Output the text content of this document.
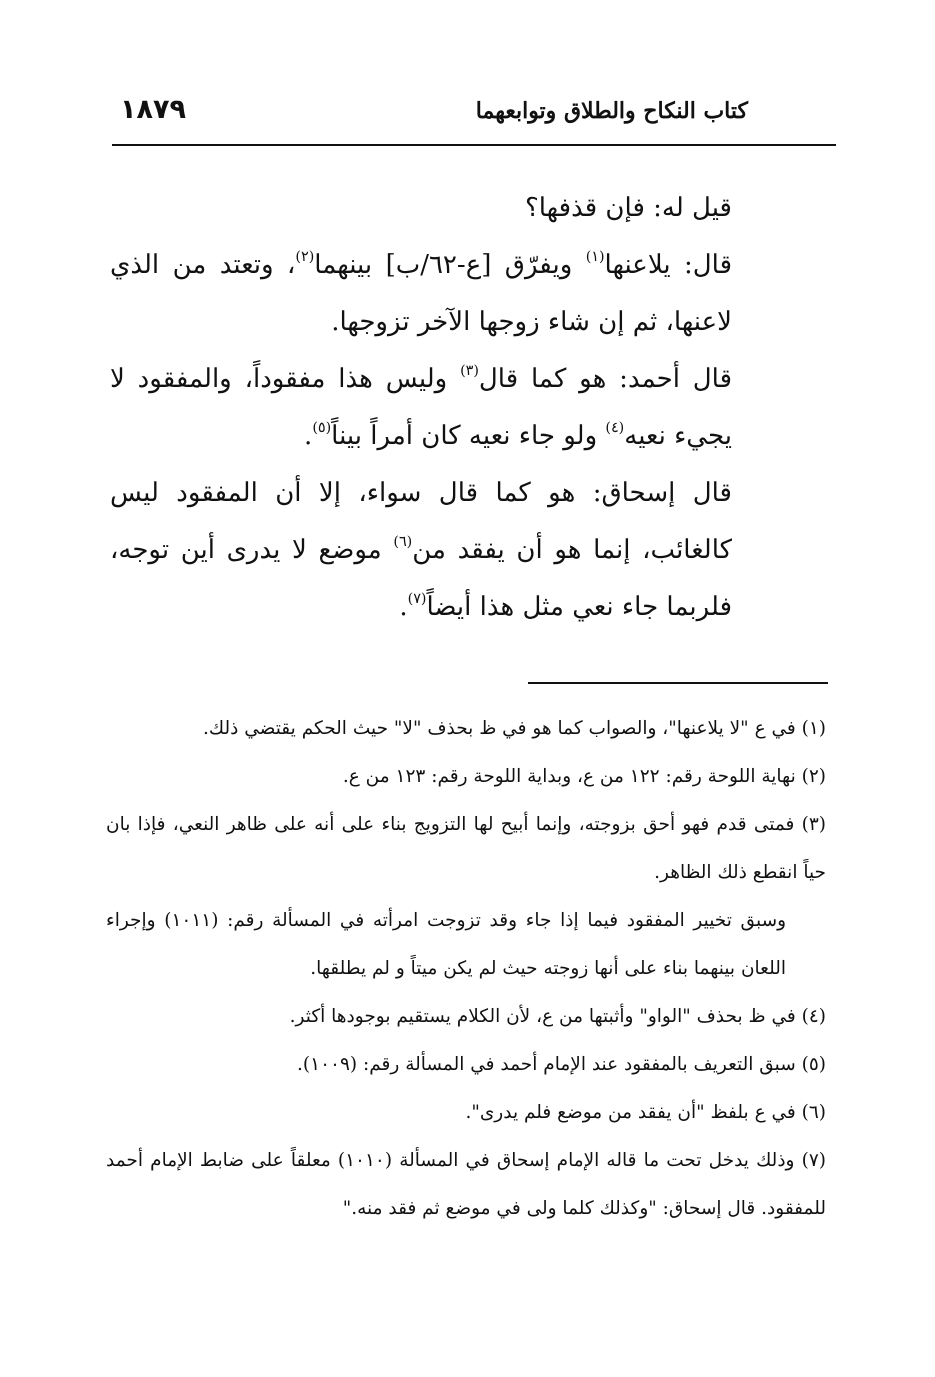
كتاب النكاح والطلاق وتوابعهما
١٨٧٩

قيل له: فإن قذفها؟

قال: يلاعنها$^{(١)}$ ويفرّق [ع-٦٢/ب] بينهما$^{(٢)}$، وتعتد من الذي لاعنها، ثم إن شاء زوجها الآخر تزوجها.

قال أحمد: هو كما قال$^{(٣)}$ وليس هذا مفقوداً، والمفقود لا يجيء نعيه$^{(٤)}$ ولو جاء نعيه كان أمراً بيناً$^{(٥)}$.

قال إسحاق: هو كما قال سواء، إلا أن المفقود ليس كالغائب، إنما هو أن يفقد من$^{(٦)}$ موضع لا يدرى أين توجه، فلربما جاء نعي مثل هذا أيضاً$^{(٧)}$.

(١) في ع "لا يلاعنها"، والصواب كما هو في ظ بحذف "لا" حيث الحكم يقتضي ذلك.

(٢) نهاية اللوحة رقم: ١٢٢ من ع، وبداية اللوحة رقم: ١٢٣ من ع.

(٣) فمتى قدم فهو أحق بزوجته، وإنما أبيح لها التزويج بناء على أنه على ظاهر النعي، فإذا بان حياً انقطع ذلك الظاهر.

وسبق تخيير المفقود فيما إذا جاء وقد تزوجت امرأته في المسألة رقم: (١٠١١) وإجراء اللعان بينهما بناء على أنها زوجته حيث لم يكن ميتاً و لم يطلقها.

(٤) في ظ بحذف "الواو" وأثبتها من ع، لأن الكلام يستقيم بوجودها أكثر.

(٥) سبق التعريف بالمفقود عند الإمام أحمد في المسألة رقم: (١٠٠٩).

(٦) في ع بلفظ "أن يفقد من موضع فلم يدرى".

(٧) وذلك يدخل تحت ما قاله الإمام إسحاق في المسألة (١٠١٠) معلقاً على ضابط الإمام أحمد للمفقود. قال إسحاق: "وكذلك كلما ولى في موضع ثم فقد منه."
